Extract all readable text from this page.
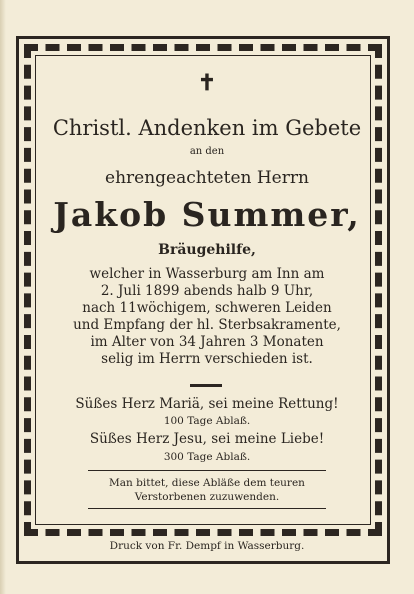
✝
Christl. Andenken im Gebete
an den
ehrengeachteten Herrn
Jakob Summer,
Bräugehilfe,
welcher in Wasserburg am Inn am
2. Juli 1899 abends halb 9 Uhr,
nach 11wöchigem, schweren Leiden
und Empfang der hl. Sterbsakramente,
im Alter von 34 Jahren 3 Monaten
selig im Herrn verschieden ist.
Süßes Herz Mariä, sei meine Rettung!
100 Tage Ablaß.
Süßes Herz Jesu, sei meine Liebe!
300 Tage Ablaß.
Man bittet, diese Abläße dem teuren
Verstorbenen zuzuwenden.
Druck von Fr. Dempf in Wasserburg.
